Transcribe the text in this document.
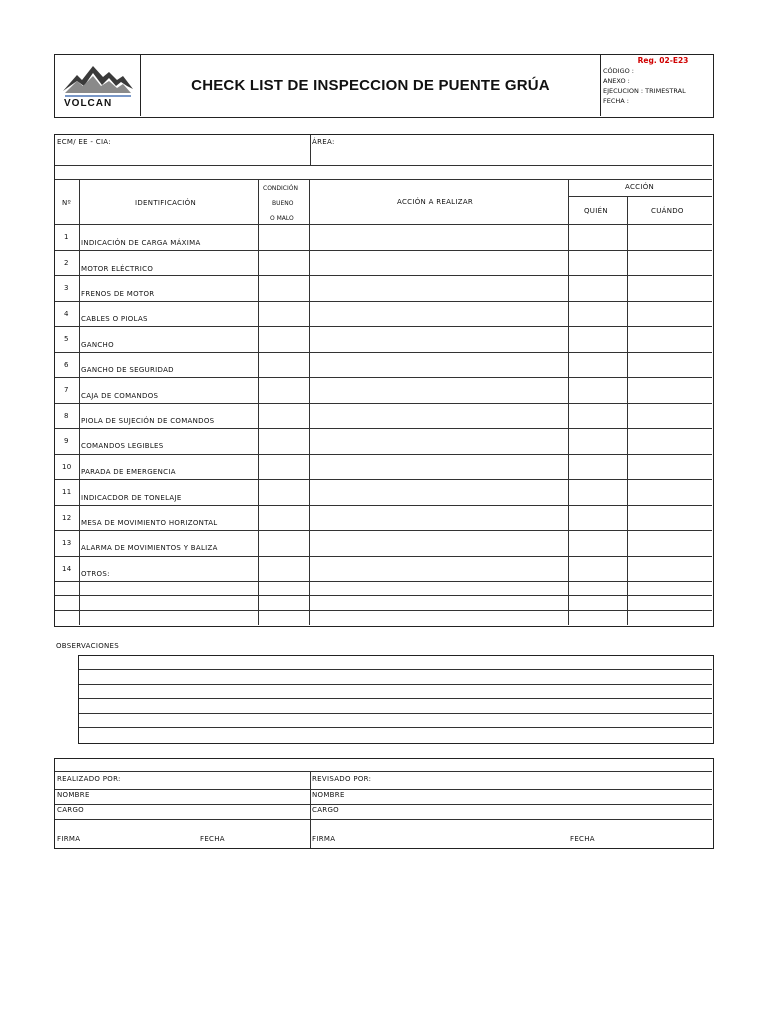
VOLCAN
CHECK LIST DE INSPECCION DE PUENTE GRÚA
Reg. 02-E23
CÓDIGO :
ANEXO :
EJECUCION : TRIMESTRAL
FECHA :
ECM/ EE - CIA:	ÁREA:
Nº	IDENTIFICACIÓN
CONDICIÓN
BUENO
O MALO
ACCIÓN A REALIZAR
ACCIÓN
QUIÉN	CUÁNDO
1
INDICACIÓN DE CARGA MÁXIMA
2
MOTOR ELÉCTRICO
3
FRENOS DE MOTOR
4
CABLES O PIOLAS
5
GANCHO
6
GANCHO DE SEGURIDAD
7
CAJA DE COMANDOS
8
PIOLA DE SUJECIÓN DE COMANDOS
9
COMANDOS LEGIBLES
10
PARADA DE EMERGENCIA
11
INDICACDOR DE TONELAJE
12
MESA DE MOVIMIENTO HORIZONTAL
13
ALARMA DE MOVIMIENTOS Y BALIZA
14
OTROS:
OBSERVACIONES
REALIZADO POR:
NOMBRE
CARGO
FIRMA	FECHA
REVISADO POR:
NOMBRE
CARGO
FIRMA	FECHA
